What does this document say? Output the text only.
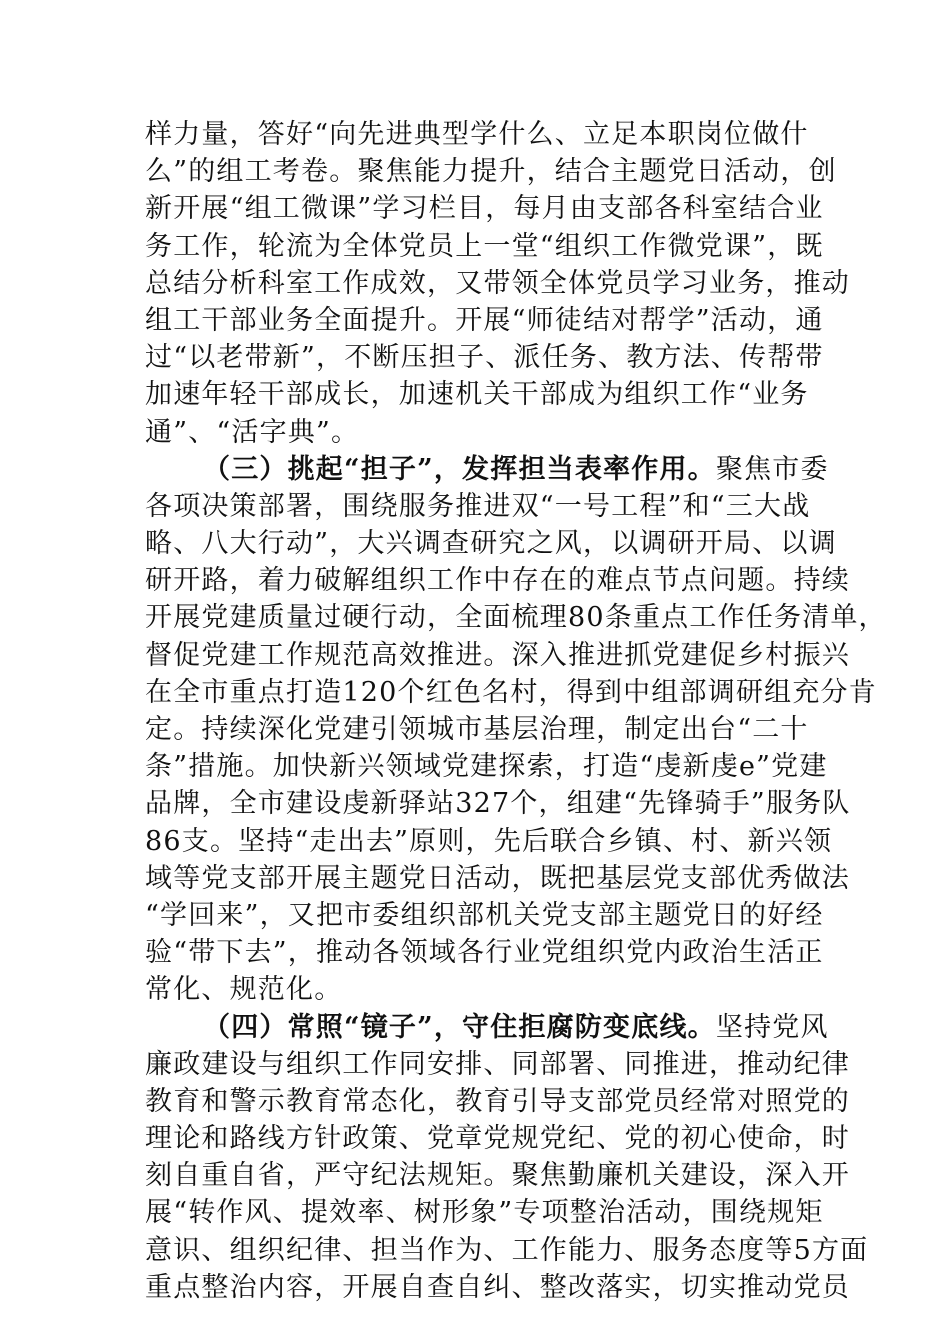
样力量，答好“向先进典型学什么、立足本职岗位做什
么”的组工考卷。聚焦能力提升，结合主题党日活动，创
新开展“组工微课”学习栏目，每月由支部各科室结合业
务工作，轮流为全体党员上一堂“组织工作微党课”，既
总结分析科室工作成效，又带领全体党员学习业务，推动
组工干部业务全面提升。开展“师徒结对帮学”活动，通
过“以老带新”，不断压担子、派任务、教方法、传帮带
加速年轻干部成长，加速机关干部成为组织工作“业务
通”、“活字典”。
（三）挑起“担子”，发挥担当表率作用。聚焦市委
各项决策部署，围绕服务推进双“一号工程”和“三大战
略、八大行动”，大兴调查研究之风，以调研开局、以调
研开路，着力破解组织工作中存在的难点节点问题。持续
开展党建质量过硬行动，全面梳理80条重点工作任务清单，
督促党建工作规范高效推进。深入推进抓党建促乡村振兴
在全市重点打造120个红色名村，得到中组部调研组充分肯
定。持续深化党建引领城市基层治理，制定出台“二十
条”措施。加快新兴领域党建探索，打造“虔新虔e”党建
品牌，全市建设虔新驿站327个，组建“先锋骑手”服务队
86支。坚持“走出去”原则，先后联合乡镇、村、新兴领
域等党支部开展主题党日活动，既把基层党支部优秀做法
“学回来”，又把市委组织部机关党支部主题党日的好经
验“带下去”，推动各领域各行业党组织党内政治生活正
常化、规范化。
（四）常照“镜子”，守住拒腐防变底线。坚持党风
廉政建设与组织工作同安排、同部署、同推进，推动纪律
教育和警示教育常态化，教育引导支部党员经常对照党的
理论和路线方针政策、党章党规党纪、党的初心使命，时
刻自重自省，严守纪法规矩。聚焦勤廉机关建设，深入开
展“转作风、提效率、树形象”专项整治活动，围绕规矩
意识、组织纪律、担当作为、工作能力、服务态度等5方面
重点整治内容，开展自查自纠、整改落实，切实推动党员
